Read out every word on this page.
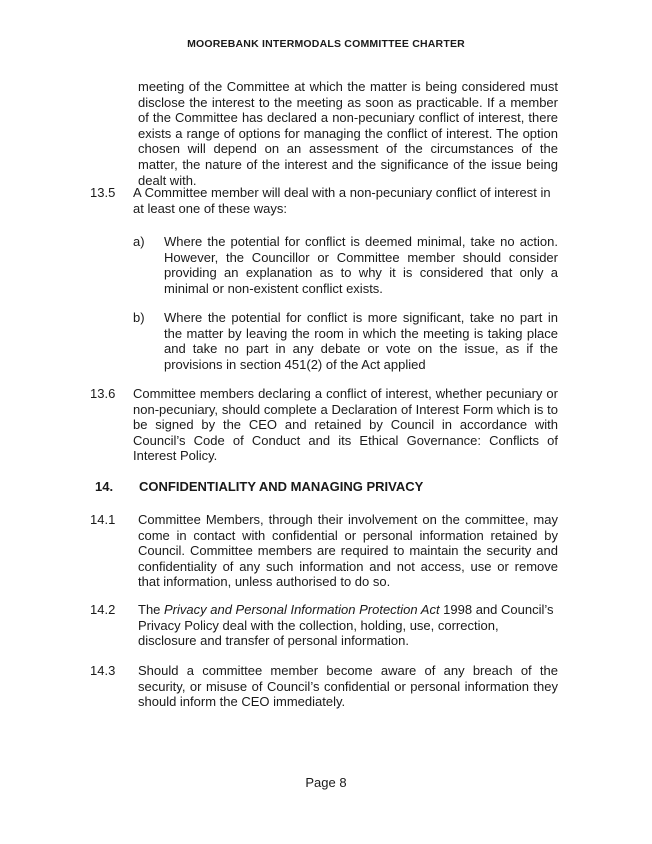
MOOREBANK INTERMODALS COMMITTEE CHARTER
meeting of the Committee at which the matter is being considered must disclose the interest to the meeting as soon as practicable. If a member of the Committee has declared a non-pecuniary conflict of interest, there exists a range of options for managing the conflict of interest. The option chosen will depend on an assessment of the circumstances of the matter, the nature of the interest and the significance of the issue being dealt with.
13.5 A Committee member will deal with a non-pecuniary conflict of interest in at least one of these ways:
a) Where the potential for conflict is deemed minimal, take no action. However, the Councillor or Committee member should consider providing an explanation as to why it is considered that only a minimal or non-existent conflict exists.
b) Where the potential for conflict is more significant, take no part in the matter by leaving the room in which the meeting is taking place and take no part in any debate or vote on the issue, as if the provisions in section 451(2) of the Act applied
13.6 Committee members declaring a conflict of interest, whether pecuniary or non-pecuniary, should complete a Declaration of Interest Form which is to be signed by the CEO and retained by Council in accordance with Council’s Code of Conduct and its Ethical Governance: Conflicts of Interest Policy.
14. CONFIDENTIALITY AND MANAGING PRIVACY
14.1 Committee Members, through their involvement on the committee, may come in contact with confidential or personal information retained by Council. Committee members are required to maintain the security and confidentiality of any such information and not access, use or remove that information, unless authorised to do so.
14.2 The Privacy and Personal Information Protection Act 1998 and Council’s Privacy Policy deal with the collection, holding, use, correction, disclosure and transfer of personal information.
14.3 Should a committee member become aware of any breach of the security, or misuse of Council’s confidential or personal information they should inform the CEO immediately.
Page 8
